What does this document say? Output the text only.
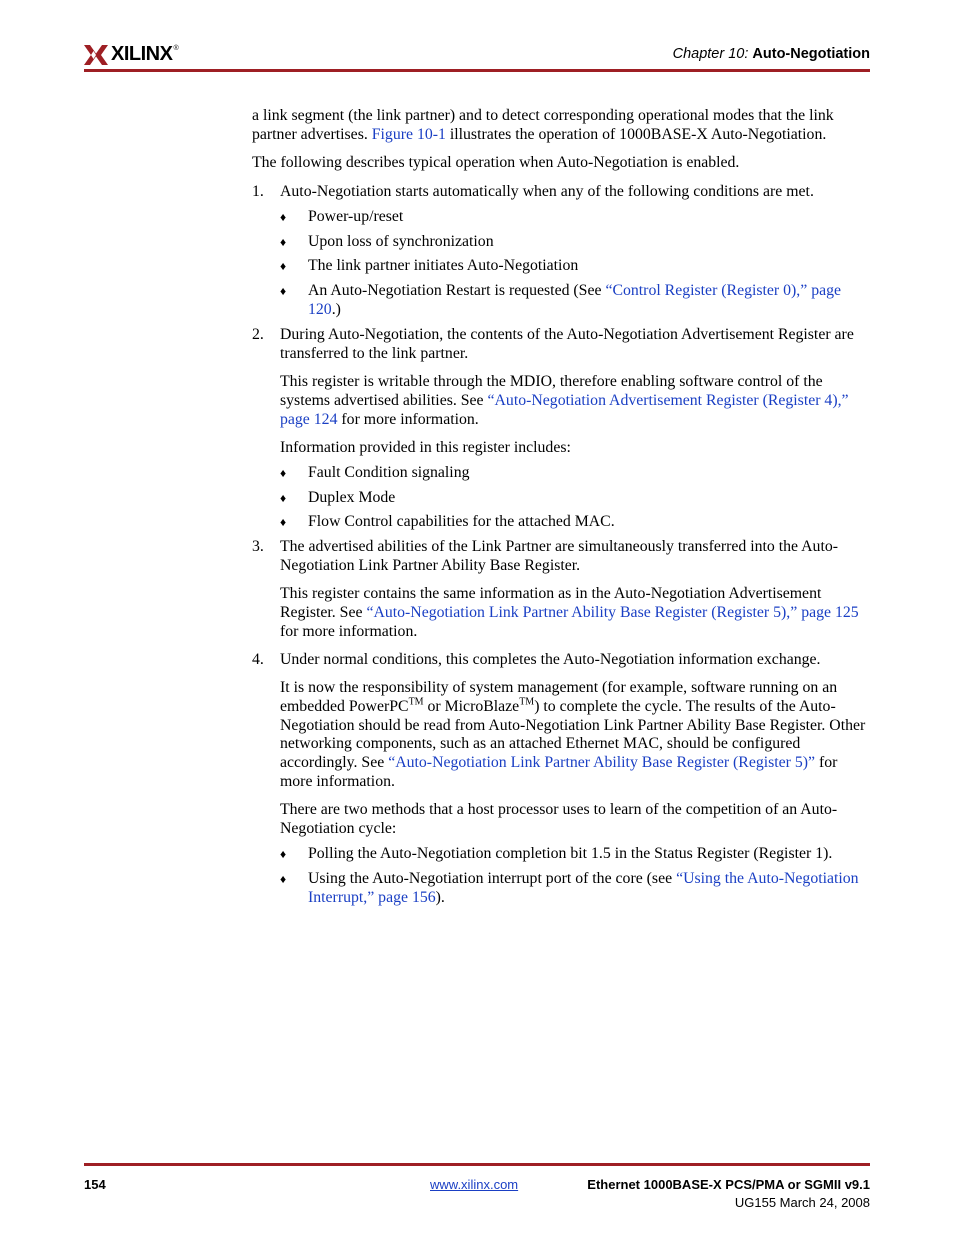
XILINX ®	Chapter 10: Auto-Negotiation

a link segment (the link partner) and to detect corresponding operational modes that the link partner advertises. Figure 10-1 illustrates the operation of 1000BASE-X Auto-Negotiation.

The following describes typical operation when Auto-Negotiation is enabled.

1. Auto-Negotiation starts automatically when any of the following conditions are met.

♦ Power-up/reset
♦ Upon loss of synchronization
♦ The link partner initiates Auto-Negotiation
♦ An Auto-Negotiation Restart is requested (See “Control Register (Register 0),” page 120.)
2. During Auto-Negotiation, the contents of the Auto-Negotiation Advertisement Register are transferred to the link partner.

This register is writable through the MDIO, therefore enabling software control of the systems advertised abilities. See “Auto-Negotiation Advertisement Register (Register 4),” page 124 for more information.

Information provided in this register includes:

♦ Fault Condition signaling
♦ Duplex Mode
♦ Flow Control capabilities for the attached MAC.
3. The advertised abilities of the Link Partner are simultaneously transferred into the Auto-Negotiation Link Partner Ability Base Register.

This register contains the same information as in the Auto-Negotiation Advertisement Register. See “Auto-Negotiation Link Partner Ability Base Register (Register 5),” page 125 for more information.

4. Under normal conditions, this completes the Auto-Negotiation information exchange.

It is now the responsibility of system management (for example, software running on an embedded PowerPC™ or MicroBlaze™) to complete the cycle. The results of the Auto-Negotiation should be read from Auto-Negotiation Link Partner Ability Base Register. Other networking components, such as an attached Ethernet MAC, should be configured accordingly. See “Auto-Negotiation Link Partner Ability Base Register (Register 5)” for more information.

There are two methods that a host processor uses to learn of the competition of an Auto-Negotiation cycle:

♦ Polling the Auto-Negotiation completion bit 1.5 in the Status Register (Register 1).
♦ Using the Auto-Negotiation interrupt port of the core (see “Using the Auto-Negotiation Interrupt,” page 156).
154	www.xilinx.com	Ethernet 1000BASE-X PCS/PMA or SGMII v9.1
UG155 March 24, 2008
